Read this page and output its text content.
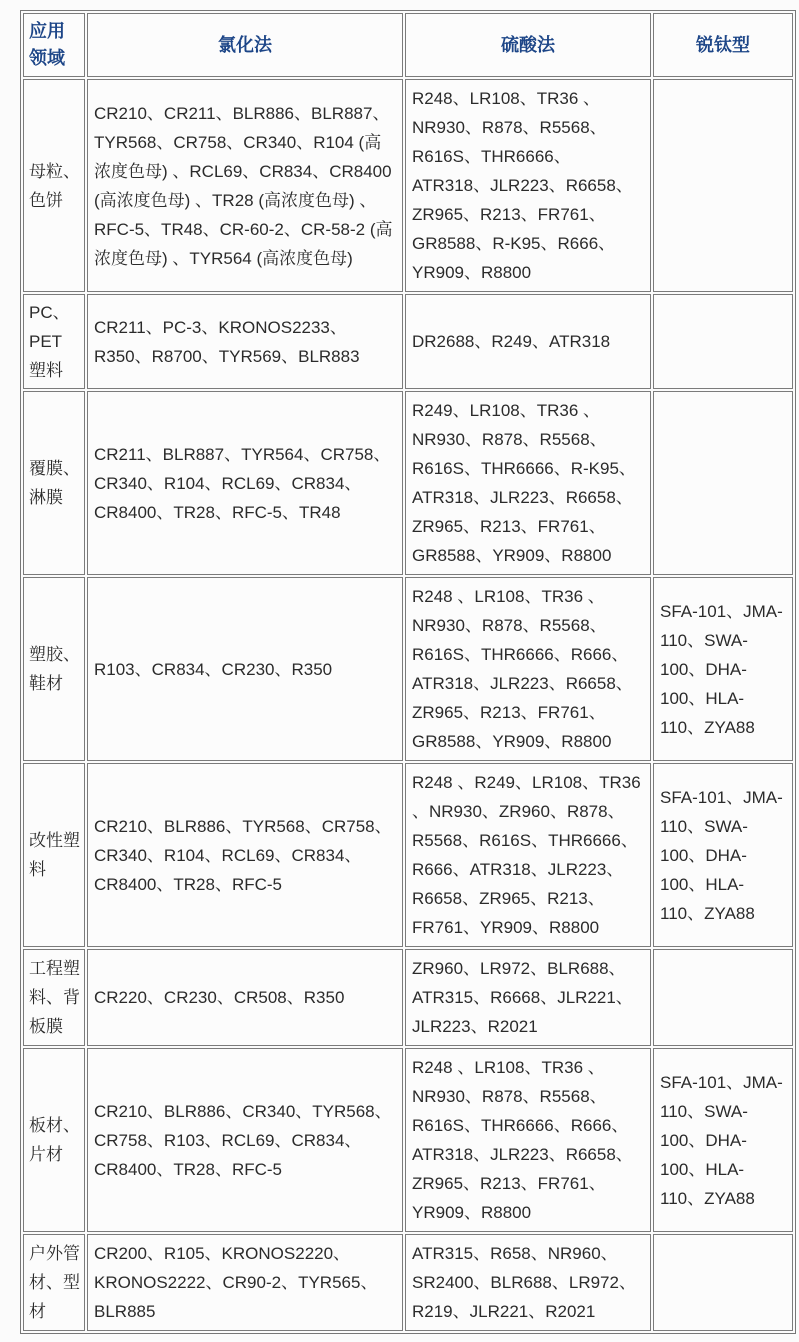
应用领域	氯化法	硫酸法	锐钛型
母粒、色饼	CR210、CR211、BLR886、BLR887、TYR568、CR758、CR340、R104 (高浓度色母) 、RCL69、CR834、CR8400 (高浓度色母) 、TR28 (高浓度色母) 、RFC-5、TR48、CR-60-2、CR-58-2 (高浓度色母) 、TYR564 (高浓度色母)	R248、LR108、TR36 、NR930、R878、R5568、R616S、THR6666、ATR318、JLR223、R6658、ZR965、R213、FR761、GR8588、R-K95、R666、YR909、R8800	
PC、PET 塑料	CR211、PC-3、KRONOS2233、R350、R8700、TYR569、BLR883	DR2688、R249、ATR318	
覆膜、淋膜	CR211、BLR887、TYR564、CR758、CR340、R104、RCL69、CR834、CR8400、TR28、RFC-5、TR48	R249、LR108、TR36 、NR930、R878、R5568、R616S、THR6666、R-K95、ATR318、JLR223、R6658、ZR965、R213、FR761、GR8588、YR909、R8800	
塑胶、鞋材	R103、CR834、CR230、R350	R248 、LR108、TR36 、NR930、R878、R5568、R616S、THR6666、R666、ATR318、JLR223、R6658、ZR965、R213、FR761、GR8588、YR909、R8800	SFA-101、JMA-110、SWA-100、DHA-100、HLA-110、ZYA88
改性塑料	CR210、BLR886、TYR568、CR758、CR340、R104、RCL69、CR834、CR8400、TR28、RFC-5	R248 、R249、LR108、TR36 、NR930、ZR960、R878、R5568、R616S、THR6666、R666、ATR318、JLR223、R6658、ZR965、R213、FR761、YR909、R8800	SFA-101、JMA-110、SWA-100、DHA-100、HLA-110、ZYA88
工程塑料、背板膜	CR220、CR230、CR508、R350	ZR960、LR972、BLR688、ATR315、R6668、JLR221、JLR223、R2021	
板材、片材	CR210、BLR886、CR340、TYR568、CR758、R103、RCL69、CR834、CR8400、TR28、RFC-5	R248 、LR108、TR36 、NR930、R878、R5568、R616S、THR6666、R666、ATR318、JLR223、R6658、ZR965、R213、FR761、YR909、R8800	SFA-101、JMA-110、SWA-100、DHA-100、HLA-110、ZYA88
户外管材、型材	CR200、R105、KRONOS2220、KRONOS2222、CR90-2、TYR565、BLR885	ATR315、R658、NR960、SR2400、BLR688、LR972、R219、JLR221、R2021	
